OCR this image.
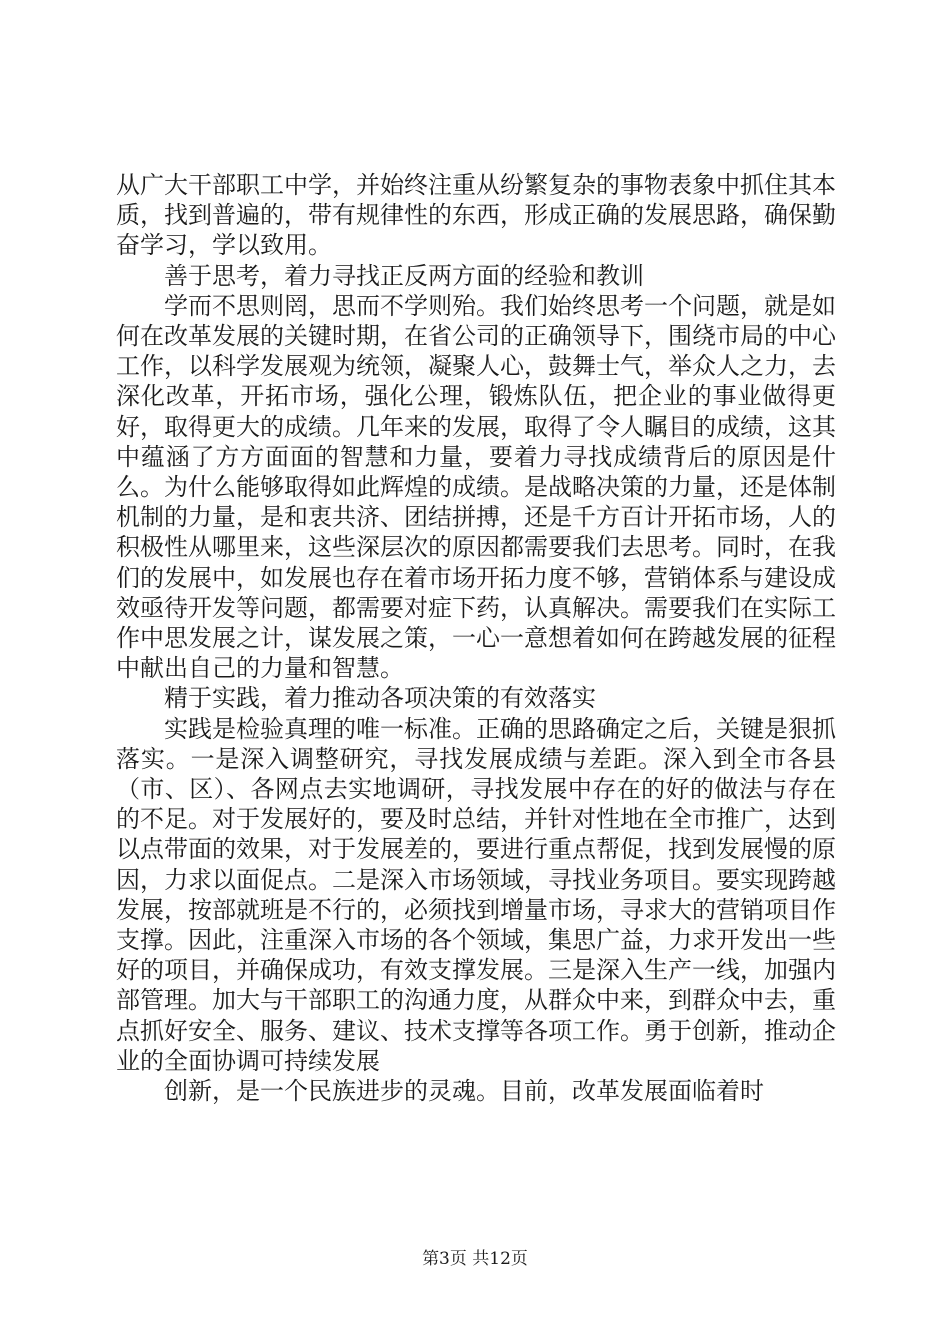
从广大干部职工中学，并始终注重从纷繁复杂的事物表象中抓住其本质，找到普遍的，带有规律性的东西，形成正确的发展思路，确保勤奋学习，学以致用。

善于思考，着力寻找正反两方面的经验和教训

学而不思则罔，思而不学则殆。我们始终思考一个问题，就是如何在改革发展的关键时期，在省公司的正确领导下，围绕市局的中心工作，以科学发展观为统领，凝聚人心，鼓舞士气，举众人之力，去深化改革，开拓市场，强化公理，锻炼队伍，把企业的事业做得更好，取得更大的成绩。几年来的发展，取得了令人瞩目的成绩，这其中蕴涵了方方面面的智慧和力量，要着力寻找成绩背后的原因是什么。为什么能够取得如此辉煌的成绩。是战略决策的力量，还是体制机制的力量，是和衷共济、团结拼搏，还是千方百计开拓市场，人的积极性从哪里来，这些深层次的原因都需要我们去思考。同时，在我们的发展中，如发展也存在着市场开拓力度不够，营销体系与建设成效亟待开发等问题，都需要对症下药，认真解决。需要我们在实际工作中思发展之计，谋发展之策，一心一意想着如何在跨越发展的征程中献出自己的力量和智慧。

精于实践，着力推动各项决策的有效落实

实践是检验真理的唯一标准。正确的思路确定之后，关键是狠抓落实。一是深入调整研究，寻找发展成绩与差距。深入到全市各县（市、区）、各网点去实地调研，寻找发展中存在的好的做法与存在的不足。对于发展好的，要及时总结，并针对性地在全市推广，达到以点带面的效果，对于发展差的，要进行重点帮促，找到发展慢的原因，力求以面促点。二是深入市场领域，寻找业务项目。要实现跨越发展，按部就班是不行的，必须找到增量市场，寻求大的营销项目作支撑。因此，注重深入市场的各个领域，集思广益，力求开发出一些好的项目，并确保成功，有效支撑发展。三是深入生产一线，加强内部管理。加大与干部职工的沟通力度，从群众中来，到群众中去，重点抓好安全、服务、建议、技术支撑等各项工作。勇于创新，推动企业的全面协调可持续发展

创新，是一个民族进步的灵魂。目前，改革发展面临着时

第3页 共12页
